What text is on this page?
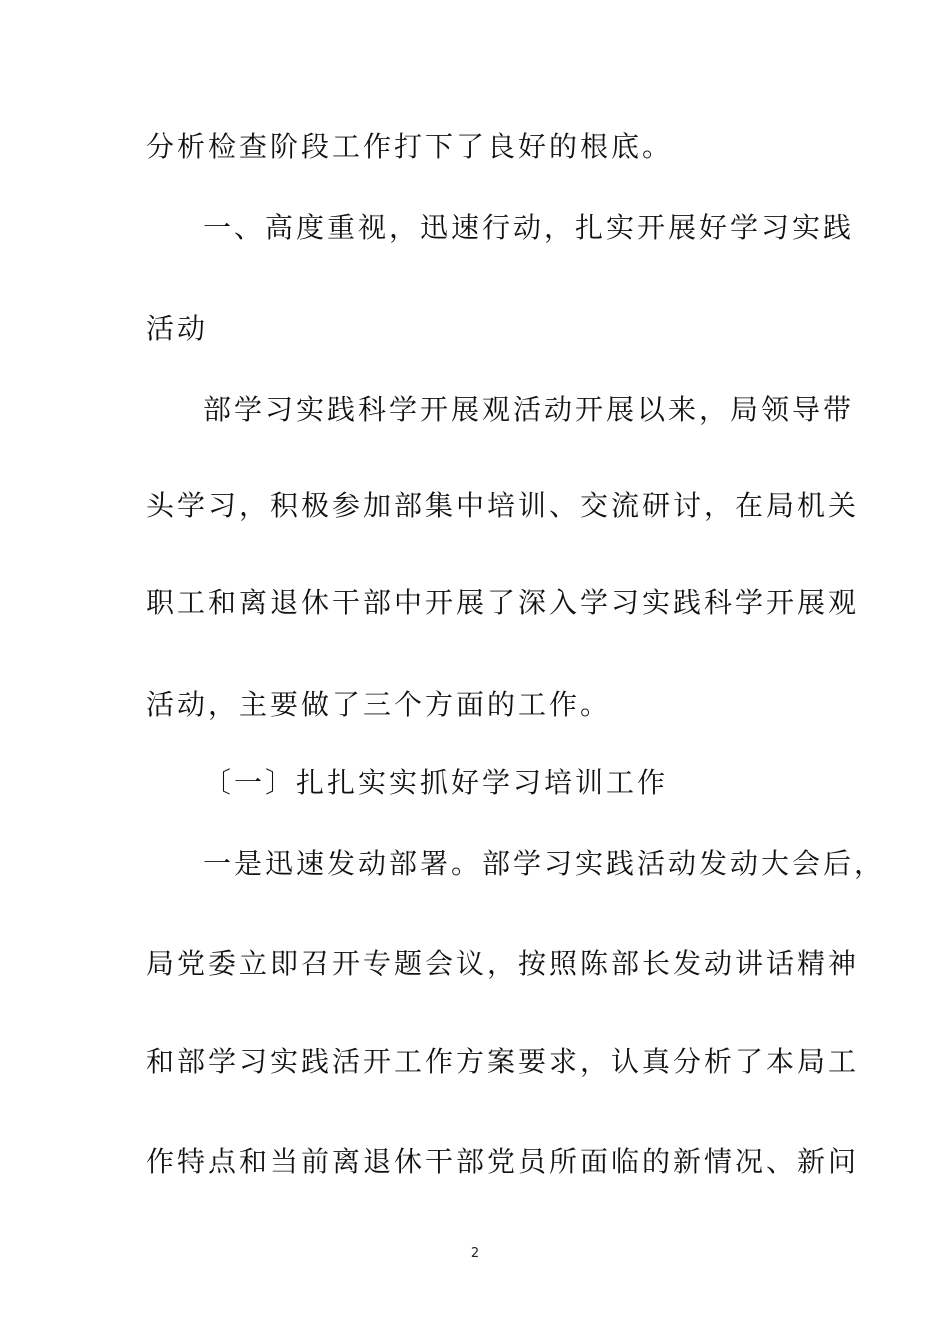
分析检查阶段工作打下了良好的根底。
一、高度重视，迅速行动，扎实开展好学习实践
活动
部学习实践科学开展观活动开展以来，局领导带
头学习，积极参加部集中培训、交流研讨，在局机关
职工和离退休干部中开展了深入学习实践科学开展观
活动，主要做了三个方面的工作。
〔一〕扎扎实实抓好学习培训工作
一是迅速发动部署。部学习实践活动发动大会后，
局党委立即召开专题会议，按照陈部长发动讲话精神
和部学习实践活开工作方案要求，认真分析了本局工
作特点和当前离退休干部党员所面临的新情况、新问
2
